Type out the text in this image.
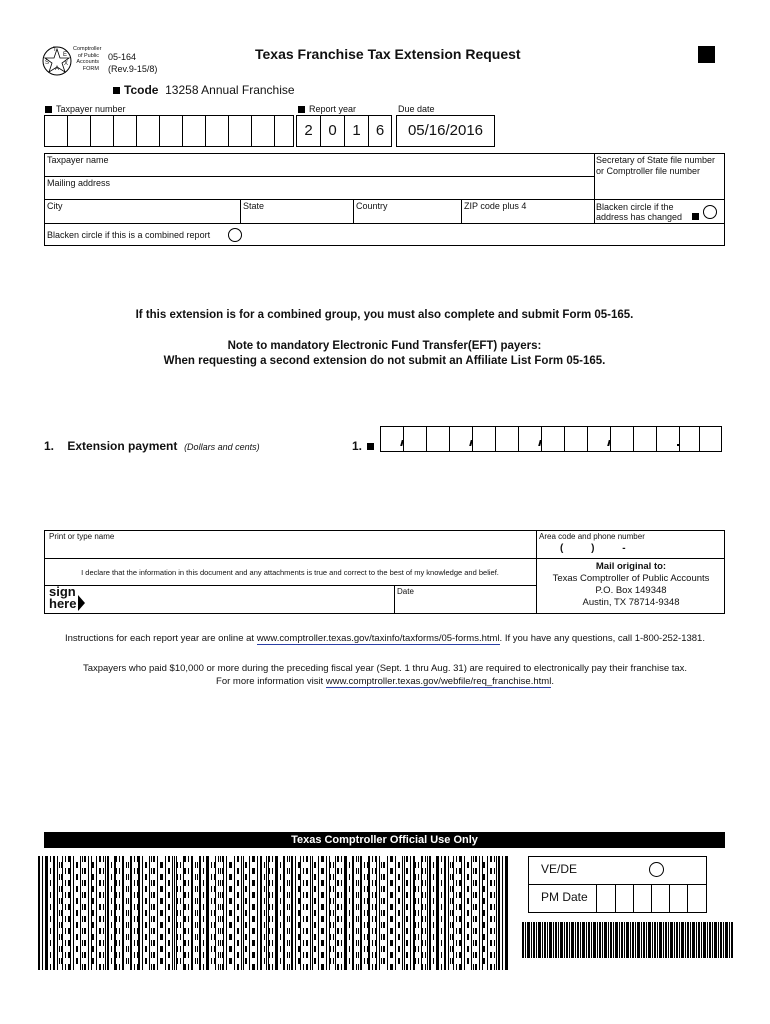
T
E
S
A
X
Comptroller
of Public
Accounts
FORM
05-164
(Rev.9-15/8)
Texas Franchise Tax Extension Request
Tcode 13258 Annual Franchise
Taxpayer number	Report year	Due date
2	0	1	6	05/16/2016
Taxpayer name	Secretary of State file number or Comptroller file number
Mailing address
City	State	Country	ZIP code plus 4	Blacken circle if the address has changed
Blacken circle if this is a combined report
If this extension is for a combined group, you must also complete and submit Form 05-165.
Note to mandatory Electronic Fund Transfer(EFT) payers:
When requesting a second extension do not submit an Affiliate List Form 05-165.
1. Extension payment (Dollars and cents)	1.
Print or type name	Area code and phone number
(          )          -
I declare that the information in this document and any attachments is true and correct to the best of my knowledge and belief.
sign
here
Date
Mail original to:
Texas Comptroller of Public Accounts
P.O. Box 149348
Austin, TX 78714-9348
Instructions for each report year are online at www.comptroller.texas.gov/taxinfo/taxforms/05-forms.html. If you have any questions, call 1-800-252-1381.
Taxpayers who paid $10,000 or more during the preceding fiscal year (Sept. 1 thru Aug. 31) are required to electronically pay their franchise tax.
For more information visit www.comptroller.texas.gov/webfile/req_franchise.html.
Texas Comptroller Official Use Only
VE/DE
PM Date
